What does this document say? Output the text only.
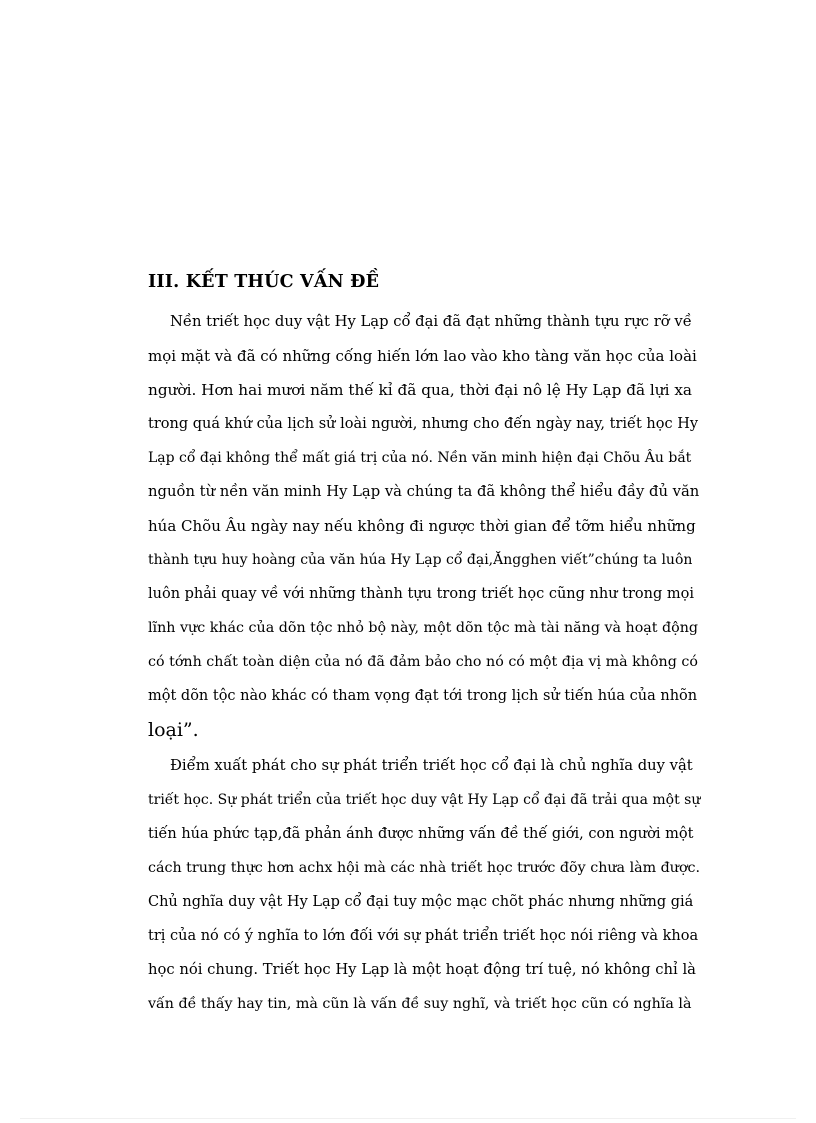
III. KẾT THÚC VẤN ĐỀ
Nền triết học duy vật Hy Lạp cổ đại đã đạt những thành tựu rực rỡ về
mọi mặt và đã có những cống hiến lớn lao vào kho tàng văn học của loài
người. Hơn hai mươi năm thế kỉ đã qua, thời đại nô lệ Hy Lạp đã lựi xa
trong quá khứ của lịch sử loài người, nhưng cho đến ngày nay, triết học Hy
Lạp cổ đại không thể mất giá trị của nó. Nền văn minh hiện đại Chõu Âu bắt
nguồn từ nền văn minh Hy Lạp và chúng ta đã không thể hiểu đầy đủ văn
húa Chõu Âu ngày nay nếu không đi ngược thời gian để tỡm hiểu những
thành tựu huy hoàng của văn húa Hy Lạp cổ đại,Ăngghen viết”chúng ta luôn
luôn phải quay về với những thành tựu trong triết học cũng như trong mọi
lĩnh vực khác của dõn tộc nhỏ bộ này, một dõn tộc mà tài năng và hoạt động
có tớnh chất toàn diện của nó đã đảm bảo cho nó có một địa vị mà không có
một dõn tộc nào khác có tham vọng đạt tới trong lịch sử tiến húa của nhõn
loại”.
Điểm xuất phát cho sự phát triển triết học cổ đại là chủ nghĩa duy vật
triết học. Sự phát triển của triết học duy vật Hy Lạp cổ đại đã trải qua một sự
tiến húa phức tạp,đã phản ánh được những vấn đề thế giới, con người một
cách trung thực hơn achx hội mà các nhà triết học trước đõy chưa làm được.
Chủ nghĩa duy vật Hy Lạp cổ đại tuy mộc mạc chõt phác nhưng những giá
trị của nó có ý nghĩa to lớn đối với sự phát triển triết học nói riêng và khoa
học nói chung. Triết học Hy Lạp là một hoạt động trí tuệ, nó không chỉ là
vấn đề thấy hay tin, mà cũn là vấn đề suy nghĩ, và triết học cũn có nghĩa là
